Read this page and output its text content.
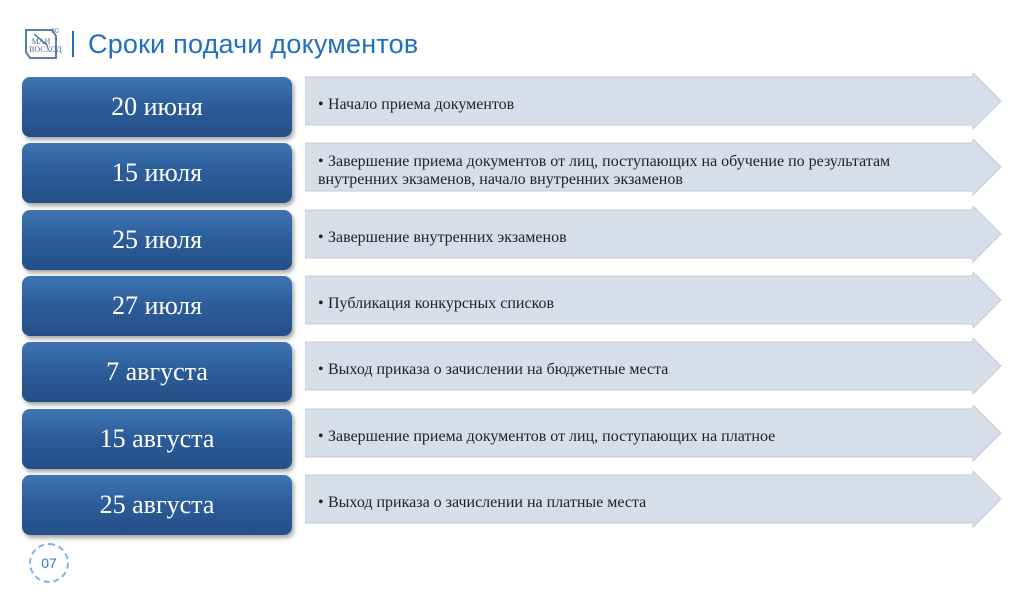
60
МАИ
ВОСХОД Сроки подачи документов
20 июня	• Начало приема документов
15 июля	• Завершение приема документов от лиц, поступающих на обучение по результатам внутренних экзаменов, начало внутренних экзаменов
25 июля	• Завершение внутренних экзаменов
27 июля	• Публикация конкурсных списков
7 августа	• Выход приказа о зачислении на бюджетные места
15 августа	• Завершение приема документов от лиц, поступающих на платное
25 августа	• Выход приказа о зачислении на платные места
07
